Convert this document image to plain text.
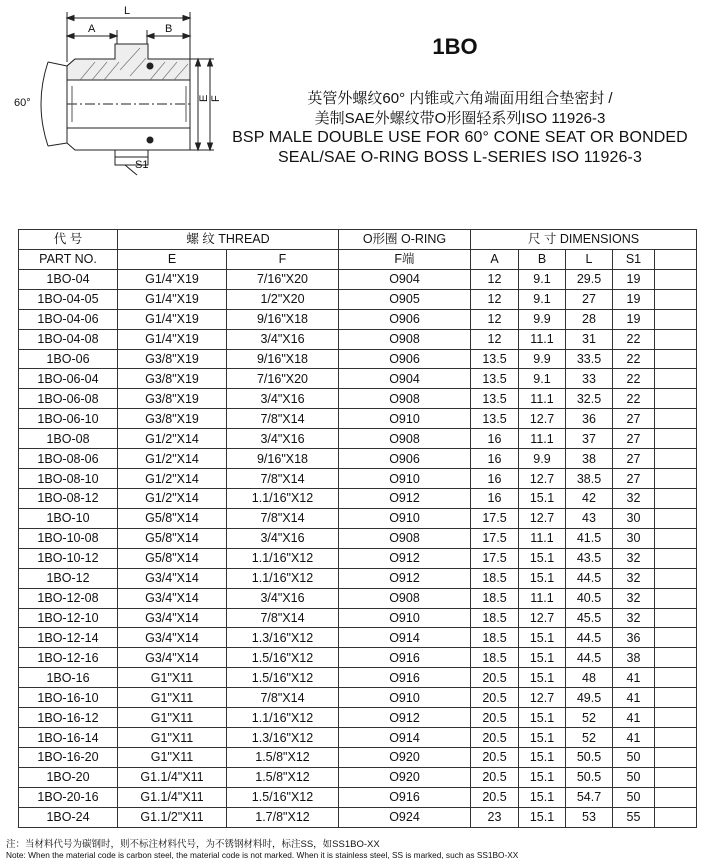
L
A	B
E F
S1
60°
1BO
英管外螺纹60° 内锥或六角端面用组合垫密封 /
美制SAE外螺纹带O形圈轻系列ISO 11926-3
BSP MALE DOUBLE USE FOR 60° CONE SEAT OR BONDED
SEAL/SAE O-RING BOSS L-SERIES ISO 11926-3
代 号	螺 纹 THREAD		O形圈 O-RING	尺 寸 DIMENSIONS				
PART NO.	E	F	F端	A	B	L	S1	
1BO-04	G1/4"X19	7/16"X20	O904	12	9.1	29.5	19	
1BO-04-05	G1/4"X19	1/2"X20	O905	12	9.1	27	19	
1BO-04-06	G1/4"X19	9/16"X18	O906	12	9.9	28	19	
1BO-04-08	G1/4"X19	3/4"X16	O908	12	11.1	31	22	
1BO-06	G3/8"X19	9/16"X18	O906	13.5	9.9	33.5	22	
1BO-06-04	G3/8"X19	7/16"X20	O904	13.5	9.1	33	22	
1BO-06-08	G3/8"X19	3/4"X16	O908	13.5	11.1	32.5	22	
1BO-06-10	G3/8"X19	7/8"X14	O910	13.5	12.7	36	27	
1BO-08	G1/2"X14	3/4"X16	O908	16	11.1	37	27	
1BO-08-06	G1/2"X14	9/16"X18	O906	16	9.9	38	27	
1BO-08-10	G1/2"X14	7/8"X14	O910	16	12.7	38.5	27	
1BO-08-12	G1/2"X14	1.1/16"X12	O912	16	15.1	42	32	
1BO-10	G5/8"X14	7/8"X14	O910	17.5	12.7	43	30	
1BO-10-08	G5/8"X14	3/4"X16	O908	17.5	11.1	41.5	30	
1BO-10-12	G5/8"X14	1.1/16"X12	O912	17.5	15.1	43.5	32	
1BO-12	G3/4"X14	1.1/16"X12	O912	18.5	15.1	44.5	32	
1BO-12-08	G3/4"X14	3/4"X16	O908	18.5	11.1	40.5	32	
1BO-12-10	G3/4"X14	7/8"X14	O910	18.5	12.7	45.5	32	
1BO-12-14	G3/4"X14	1.3/16"X12	O914	18.5	15.1	44.5	36	
1BO-12-16	G3/4"X14	1.5/16"X12	O916	18.5	15.1	44.5	38	
1BO-16	G1"X11	1.5/16"X12	O916	20.5	15.1	48	41	
1BO-16-10	G1"X11	7/8"X14	O910	20.5	12.7	49.5	41	
1BO-16-12	G1"X11	1.1/16"X12	O912	20.5	15.1	52	41	
1BO-16-14	G1"X11	1.3/16"X12	O914	20.5	15.1	52	41	
1BO-16-20	G1"X11	1.5/8"X12	O920	20.5	15.1	50.5	50	
1BO-20	G1.1/4"X11	1.5/8"X12	O920	20.5	15.1	50.5	50	
1BO-20-16	G1.1/4"X11	1.5/16"X12	O916	20.5	15.1	54.7	50	
1BO-24	G1.1/2"X11	1.7/8"X12	O924	23	15.1	53	55	
注：当材料代号为碳钢时，则不标注材料代号，为不锈钢材料时，标注SS，如SS1BO-XX
Note: When the material code is carbon steel, the material code is not marked. When it is stainless steel, SS is marked, such as SS1BO-XX
